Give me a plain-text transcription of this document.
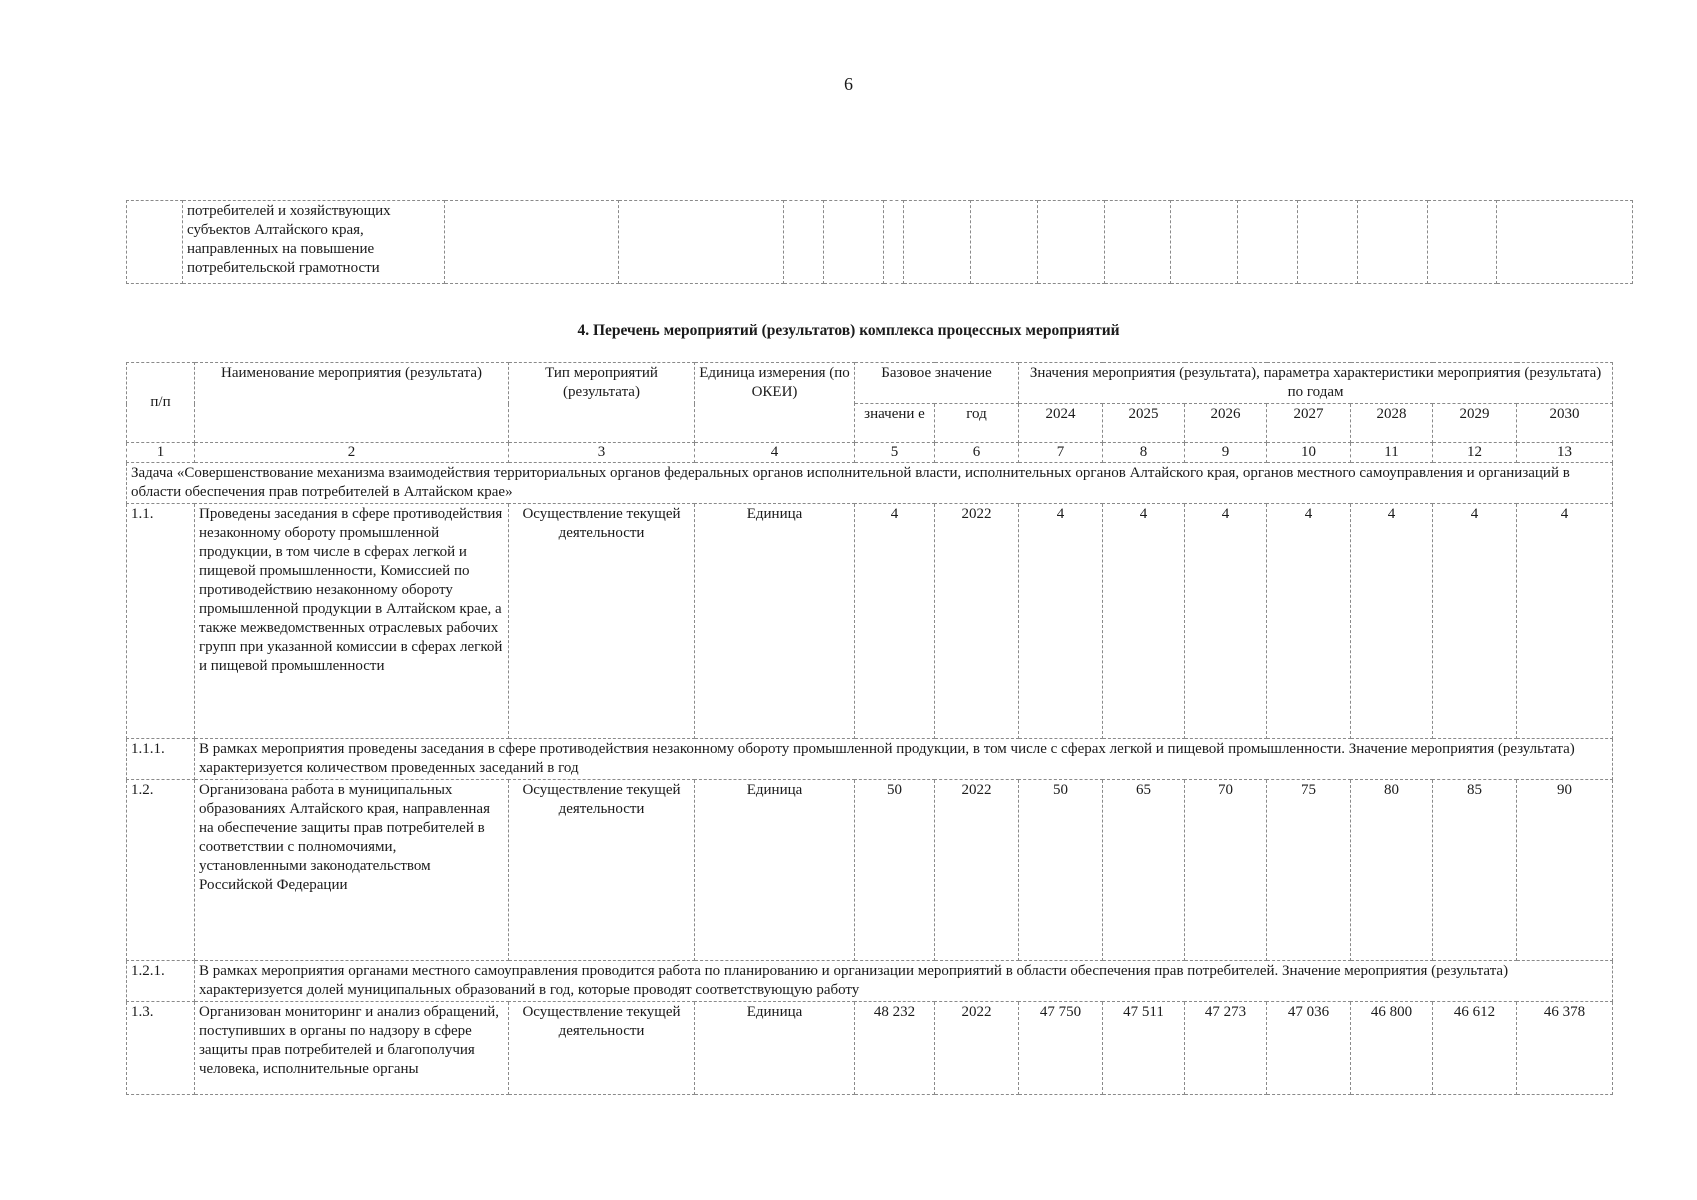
6
	потребителей и хозяйствующих субъектов Алтайского края, направленных на повышение потребительской грамотности															
4. Перечень мероприятий (результатов) комплекса процессных мероприятий
п/п	Наименование мероприятия (результата)	Тип мероприятий (результата)	Единица измерения (по ОКЕИ)	Базовое значение		Значения мероприятия (результата), параметра характеристики мероприятия (результата) по годам						
				значени е	год	2024	2025	2026	2027	2028	2029	2030
1	2	3	4	5	6	7	8	9	10	11	12	13
Задача «Совершенствование механизма взаимодействия территориальных органов федеральных органов исполнительной власти, исполнительных органов Алтайского края, органов местного самоуправления и организаций в области обеспечения прав потребителей в Алтайском крае»												
1.1.	Проведены заседания в сфере противодействия незаконному обороту промышленной продукции, в том числе в сферах легкой и пищевой промышленности, Комиссией по противодействию незаконному обороту промышленной продукции в Алтайском крае, а также межведомственных отраслевых рабочих групп при указанной комиссии в сферах легкой и пищевой промышленности	Осуществление текущей деятельности	Единица	4	2022	4	4	4	4	4	4	4
1.1.1.	В рамках мероприятия проведены заседания в сфере противодействия незаконному обороту промышленной продукции, в том числе с сферах легкой и пищевой промышленности. Значение мероприятия (результата) характеризуется количеством проведенных заседаний в год											
1.2.	Организована работа в муниципальных образованиях Алтайского края, направленная на обеспечение защиты прав потребителей в соответствии с полномочиями, установленными законодательством Российской Федерации	Осуществление текущей деятельности	Единица	50	2022	50	65	70	75	80	85	90
1.2.1.	В рамках мероприятия органами местного самоуправления проводится работа по планированию и организации мероприятий в области обеспечения прав потребителей. Значение мероприятия (результата) характеризуется долей муниципальных образований в год, которые проводят соответствующую работу											
1.3.	Организован мониторинг и анализ обращений, поступивших в органы по надзору в сфере защиты прав потребителей и благополучия человека, исполнительные органы	Осуществление текущей деятельности	Единица	48 232	2022	47 750	47 511	47 273	47 036	46 800	46 612	46 378
